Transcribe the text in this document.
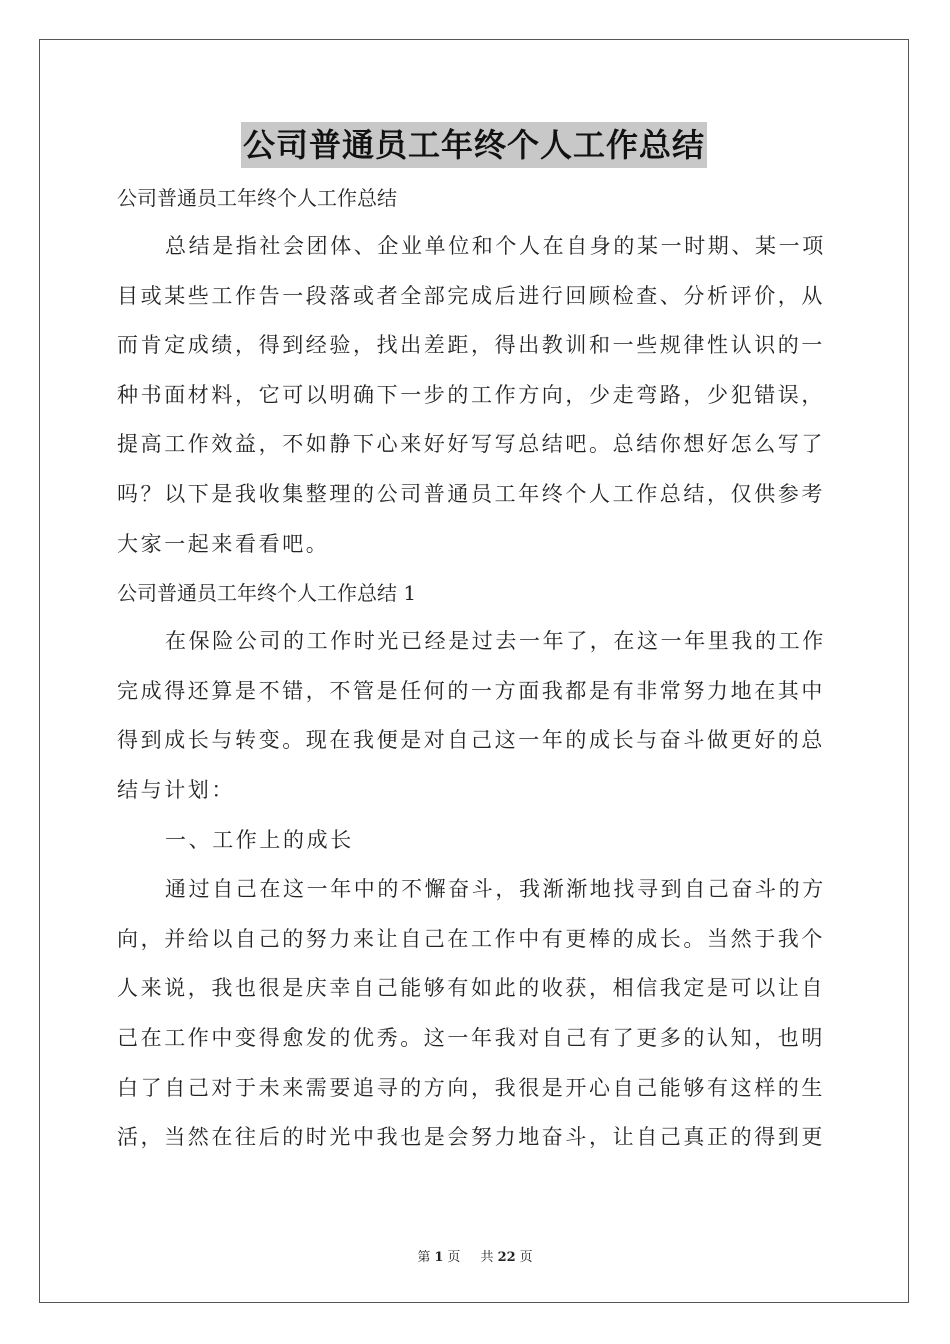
公司普通员工年终个人工作总结

公司普通员工年终个人工作总结

总结是指社会团体、企业单位和个人在自身的某一时期、某一项

目或某些工作告一段落或者全部完成后进行回顾检查、分析评价，从

而肯定成绩，得到经验，找出差距，得出教训和一些规律性认识的一

种书面材料，它可以明确下一步的工作方向，少走弯路，少犯错误，

提高工作效益，不如静下心来好好写写总结吧。总结你想好怎么写了

吗？以下是我收集整理的公司普通员工年终个人工作总结，仅供参考

大家一起来看看吧。

公司普通员工年终个人工作总结 1

在保险公司的工作时光已经是过去一年了，在这一年里我的工作

完成得还算是不错，不管是任何的一方面我都是有非常努力地在其中

得到成长与转变。现在我便是对自己这一年的成长与奋斗做更好的总

结与计划：

一、工作上的成长

通过自己在这一年中的不懈奋斗，我渐渐地找寻到自己奋斗的方

向，并给以自己的努力来让自己在工作中有更棒的成长。当然于我个

人来说，我也很是庆幸自己能够有如此的收获，相信我定是可以让自

己在工作中变得愈发的优秀。这一年我对自己有了更多的认知，也明

白了自己对于未来需要追寻的方向，我很是开心自己能够有这样的生

活，当然在往后的时光中我也是会努力地奋斗，让自己真正的得到更

第 1 页 共 22 页
